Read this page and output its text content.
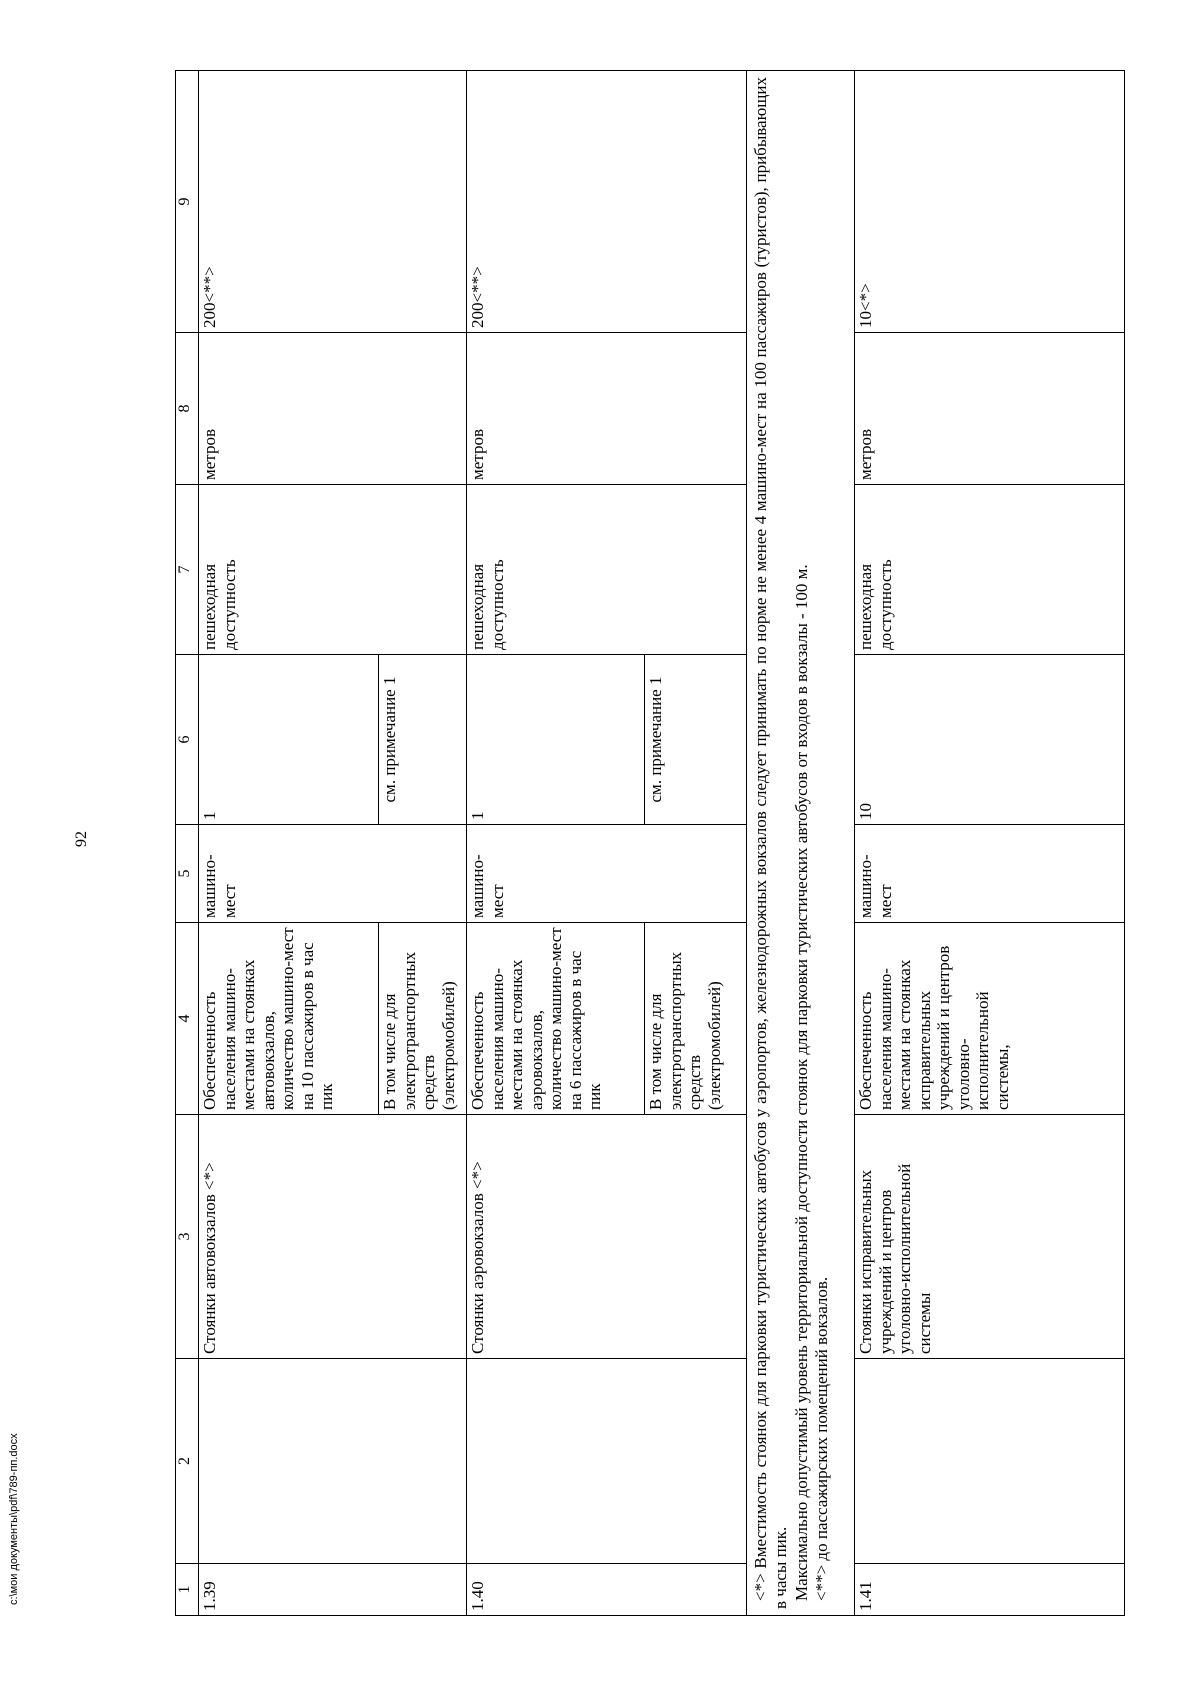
92
1	2	3	4	5	6	7	8	9
1.39		Стоянки автовокзалов <*>	Обеспеченность населения машино-местами на стоянках автовокзалов, количество машино-мест на 10 пассажиров в час пик	машино-мест	1	пешеходная доступность	метров	200<**>
			В том числе для электротранспортных средств (электромобилей)		см. примечание 1			
1.40		Стоянки аэровокзалов <*>	Обеспеченность населения машино-местами на стоянках аэровокзалов, количество машино-мест на 6 пассажиров в час пик	машино-мест	1	пешеходная доступность	метров	200<**>
			В том числе для электротранспортных средств (электромобилей)		см. примечание 1			

<*> Вместимость стоянок для парковки туристических автобусов у аэропортов, железнодорожных вокзалов следует принимать по норме не менее 4 машино-мест на 100 пассажиров (туристов), прибывающих в часы пик. Максимально допустимый уровень территориальной доступности стоянок для парковки туристических автобусов от входов в вокзалы - 100 м. <**> до пассажирских помещений вокзалов.								

1.41		Стоянки исправительных учреждений и центров уголовно-исполнительной системы	Обеспеченность населения машино-местами на стоянках исправительных учреждений и центров уголовно-исполнительной системы,	машино-мест	10	пешеходная доступность	метров	10<*>
c:\мои документы\pdf\789-пп.docx
